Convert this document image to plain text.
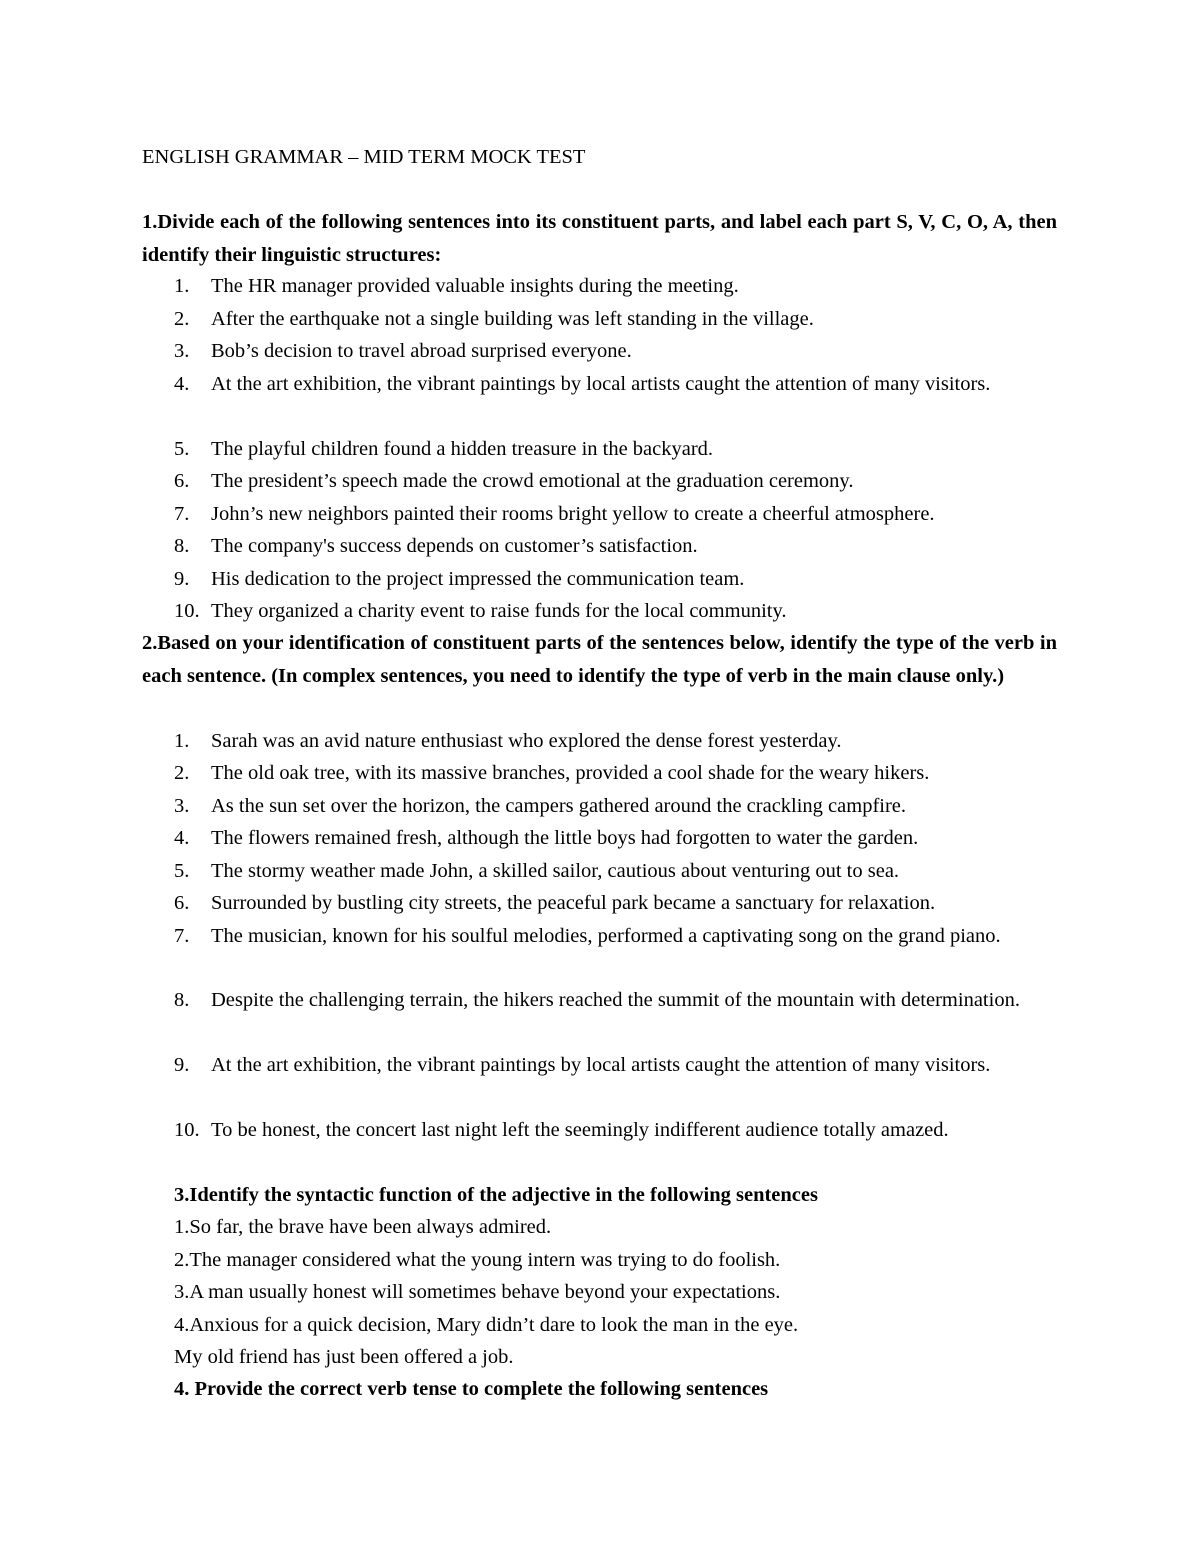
ENGLISH GRAMMAR – MID TERM MOCK TEST
1.Divide each of the following sentences into its constituent parts, and label each part S, V, C, O, A, then identify their linguistic structures:
1. The HR manager provided valuable insights during the meeting.
2. After the earthquake not a single building was left standing in the village.
3. Bob’s decision to travel abroad surprised everyone.
4. At the art exhibition, the vibrant paintings by local artists caught the attention of many visitors.
5. The playful children found a hidden treasure in the backyard.
6. The president’s speech made the crowd emotional at the graduation ceremony.
7. John’s new neighbors painted their rooms bright yellow to create a cheerful atmosphere.
8. The company's success depends on customer’s satisfaction.
9. His dedication to the project impressed the communication team.
10. They organized a charity event to raise funds for the local community.
2.Based on your identification of constituent parts of the sentences below, identify the type of the verb in each sentence. (In complex sentences, you need to identify the type of verb in the main clause only.)
1. Sarah was an avid nature enthusiast who explored the dense forest yesterday.
2. The old oak tree, with its massive branches, provided a cool shade for the weary hikers.
3. As the sun set over the horizon, the campers gathered around the crackling campfire.
4. The flowers remained fresh, although the little boys had forgotten to water the garden.
5. The stormy weather made John, a skilled sailor, cautious about venturing out to sea.
6. Surrounded by bustling city streets, the peaceful park became a sanctuary for relaxation.
7. The musician, known for his soulful melodies, performed a captivating song on the grand piano.
8. Despite the challenging terrain, the hikers reached the summit of the mountain with determination.
9. At the art exhibition, the vibrant paintings by local artists caught the attention of many visitors.
10. To be honest, the concert last night left the seemingly indifferent audience totally amazed.
3.Identify the syntactic function of the adjective in the following sentences
1.So far, the brave have been always admired.
2.The manager considered what the young intern was trying to do foolish.
3.A man usually honest will sometimes behave beyond your expectations.
4.Anxious for a quick decision, Mary didn’t dare to look the man in the eye.
My old friend has just been offered a job.
4. Provide the correct verb tense to complete the following sentences
